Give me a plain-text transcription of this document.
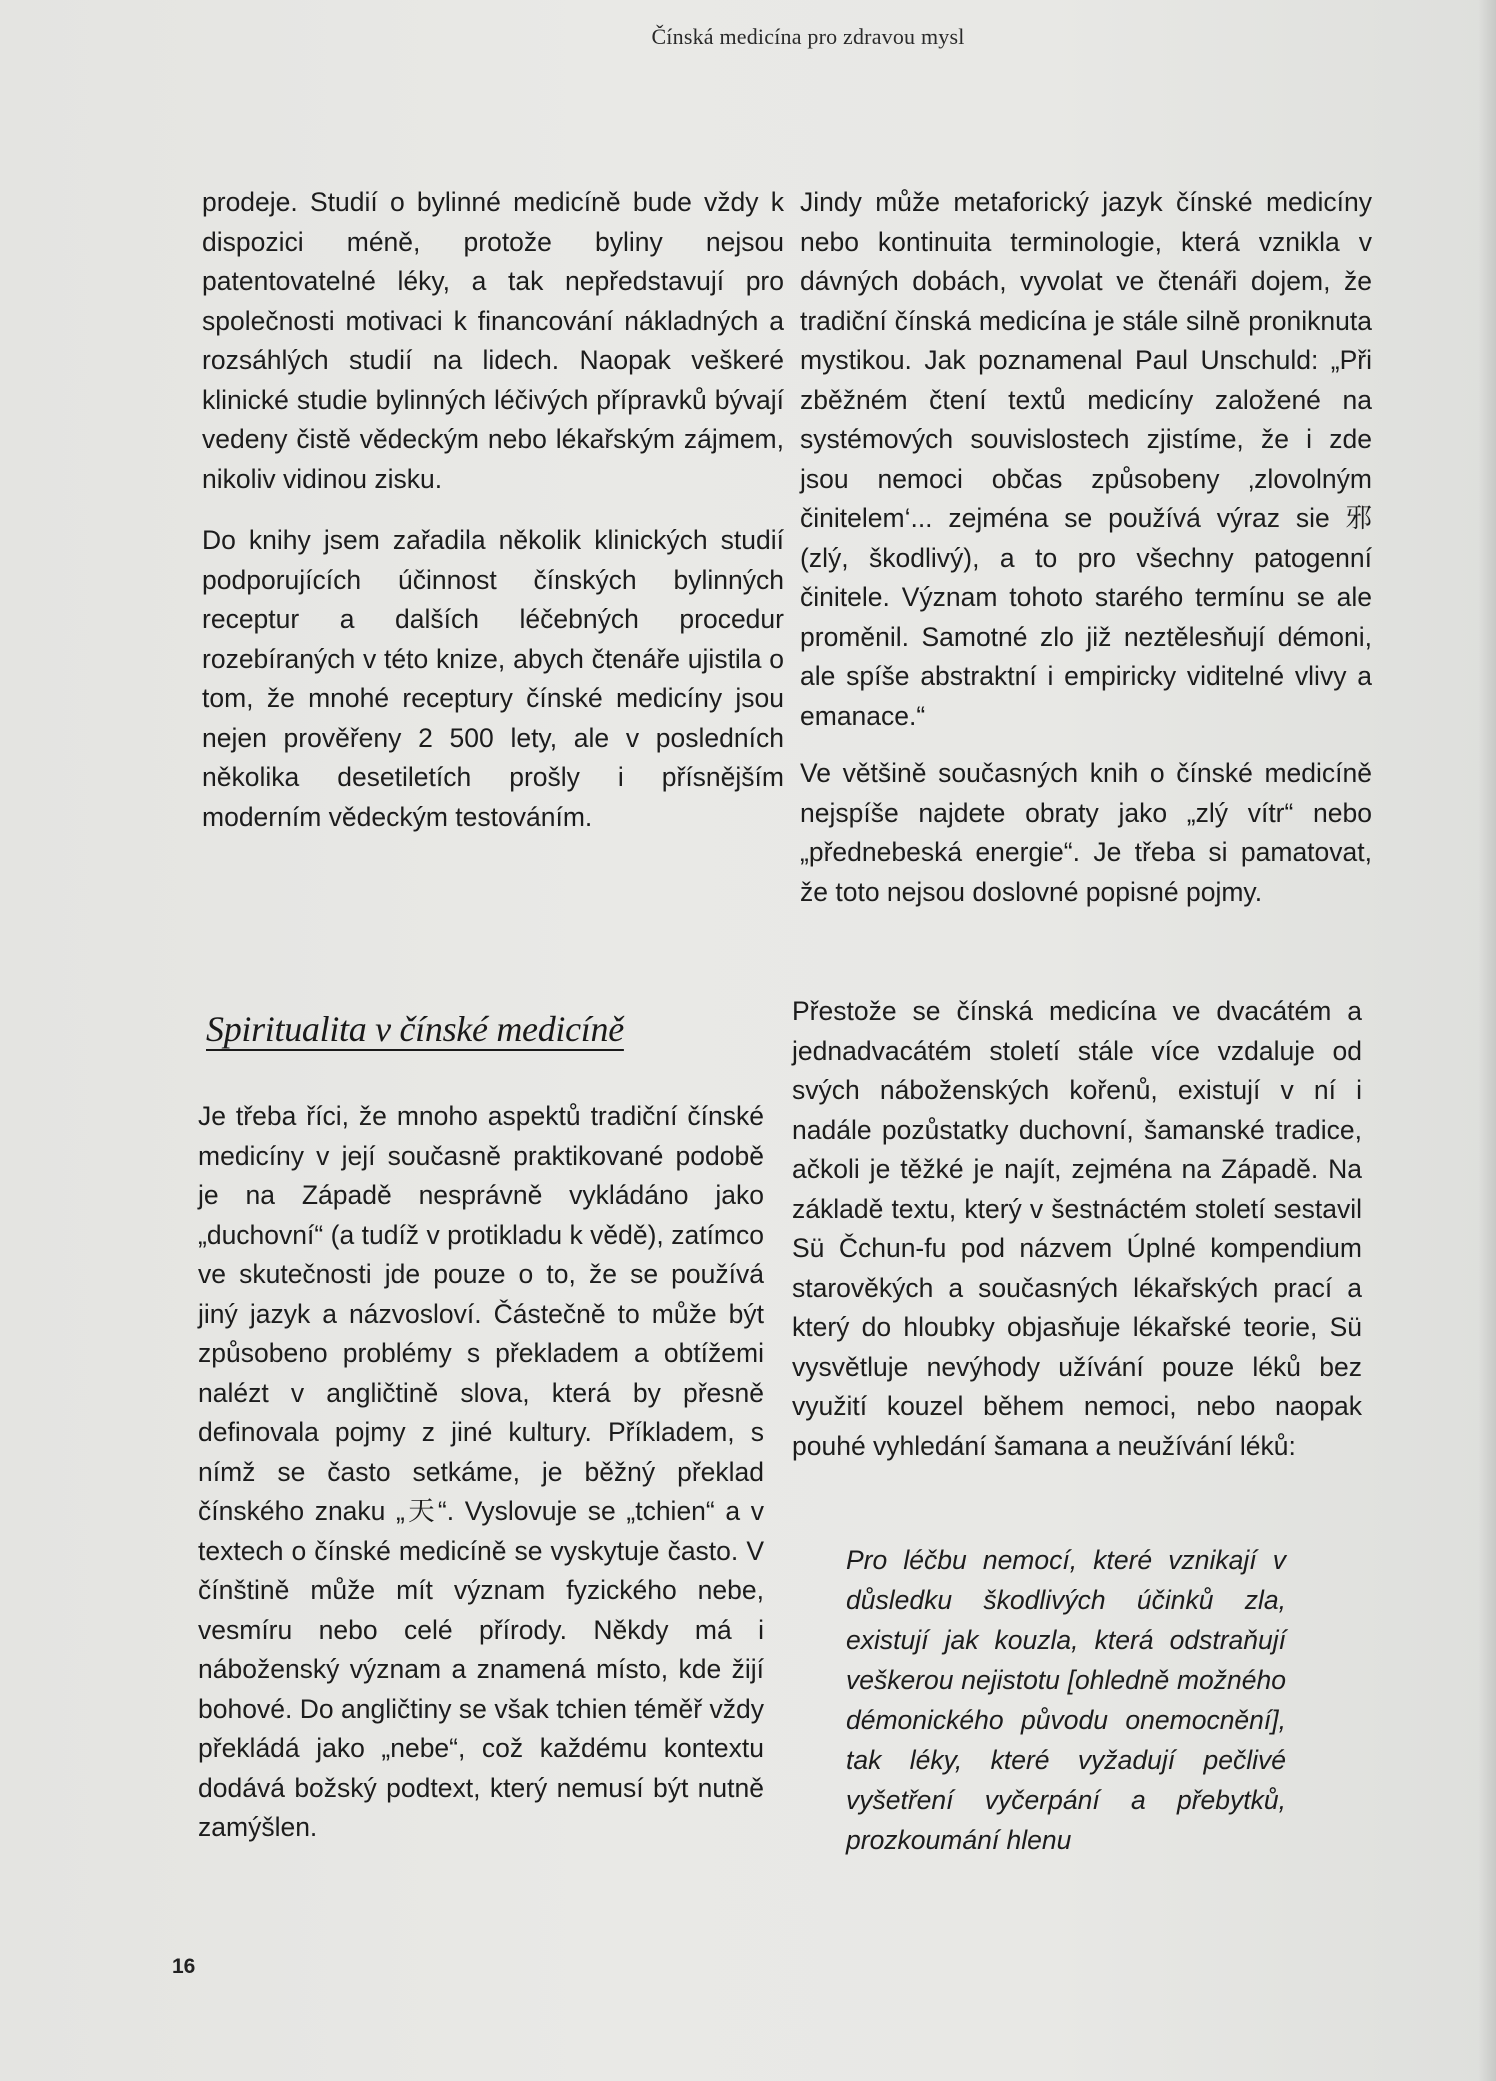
Čínská medicína pro zdravou mysl

prodeje. Studií o bylinné medicíně bude vždy k dispozici méně, protože byliny nejsou patentovatelné léky, a tak nepředstavují pro společnosti motivaci k financování nákladných a rozsáhlých studií na lidech. Naopak veškeré klinické studie bylinných léčivých přípravků bývají vedeny čistě vědeckým nebo lékařským zájmem, nikoliv vidinou zisku.

Do knihy jsem zařadila několik klinických studií podporujících účinnost čínských bylinných receptur a dalších léčebných procedur rozebíraných v této knize, abych čtenáře ujistila o tom, že mnohé receptury čínské medicíny jsou nejen prověřeny 2 500 lety, ale v posledních několika desetiletích prošly i přísnějším moderním vědeckým testováním.

Spiritualita v čínské medicíně

Je třeba říci, že mnoho aspektů tradiční čínské medicíny v její současně praktikované podobě je na Západě nesprávně vykládáno jako „duchovní“ (a tudíž v protikladu k vědě), zatímco ve skutečnosti jde pouze o to, že se používá jiný jazyk a názvosloví. Částečně to může být způsobeno problémy s překladem a obtížemi nalézt v angličtině slova, která by přesně definovala pojmy z jiné kultury. Příkladem, s nímž se často setkáme, je běžný překlad čínského znaku „天“. Vyslovuje se „tchien“ a v textech o čínské medicíně se vyskytuje často. V čínštině může mít význam fyzického nebe, vesmíru nebo celé přírody. Někdy má i náboženský význam a znamená místo, kde žijí bohové. Do angličtiny se však tchien téměř vždy překládá jako „nebe“, což každému kontextu dodává božský podtext, který nemusí být nutně zamýšlen.

Jindy může metaforický jazyk čínské medicíny nebo kontinuita terminologie, která vznikla v dávných dobách, vyvolat ve čtenáři dojem, že tradiční čínská medicína je stále silně proniknuta mystikou. Jak poznamenal Paul Unschuld: „Při zběžném čtení textů medicíny založené na systémových souvislostech zjistíme, že i zde jsou nemoci občas způsobeny ‚zlovolným činitelem‘... zejména se používá výraz sie 邪 (zlý, škodlivý), a to pro všechny patogenní činitele. Význam tohoto starého termínu se ale proměnil. Samotné zlo již neztělesňují démoni, ale spíše abstraktní i empiricky viditelné vlivy a emanace.“

Ve většině současných knih o čínské medicíně nejspíše najdete obraty jako „zlý vítr“ nebo „přednebeská energie“. Je třeba si pamatovat, že toto nejsou doslovné popisné pojmy.

Přestože se čínská medicína ve dvacátém a jednadvacátém století stále více vzdaluje od svých náboženských kořenů, existují v ní i nadále pozůstatky duchovní, šamanské tradice, ačkoli je těžké je najít, zejména na Západě. Na základě textu, který v šestnáctém století sestavil Sü Čchun-fu pod názvem Úplné kompendium starověkých a současných lékařských prací a který do hloubky objasňuje lékařské teorie, Sü vysvětluje nevýhody užívání pouze léků bez využití kouzel během nemoci, nebo naopak pouhé vyhledání šamana a neužívání léků:

Pro léčbu nemocí, které vznikají v důsledku škodlivých účinků zla, existují jak kouzla, která odstraňují veškerou nejistotu [ohledně možného démonického původu onemocnění], tak léky, které vyžadují pečlivé vyšetření vyčerpání a přebytků, prozkoumání hlenu

16
